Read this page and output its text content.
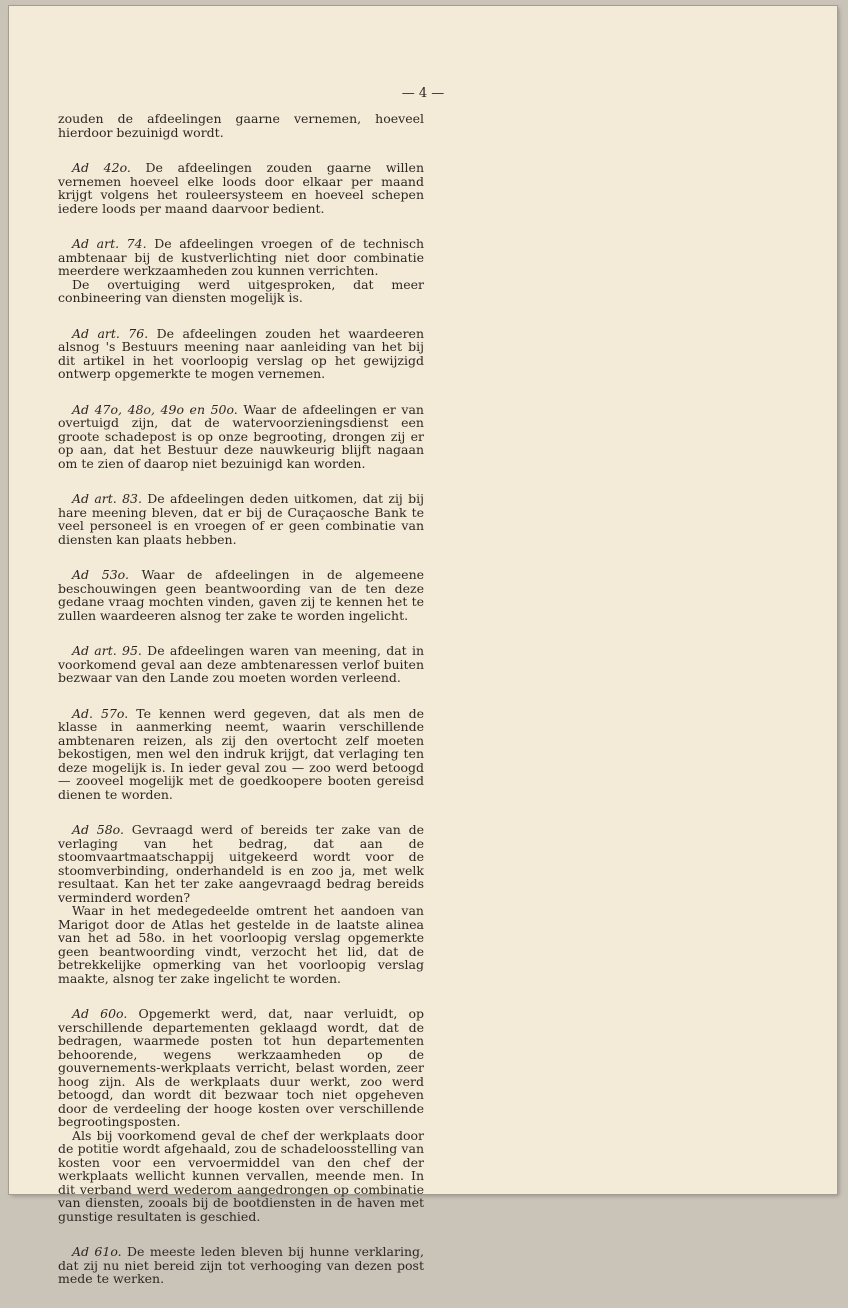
— 4 —

zouden de afdeelingen gaarne vernemen, hoeveel hierdoor bezuinigd wordt.

Ad 42o. De afdeelingen zouden gaarne willen vernemen hoeveel elke loods door elkaar per maand krijgt volgens het rouleersysteem en hoeveel schepen iedere loods per maand daarvoor bedient.

Ad art. 74. De afdeelingen vroegen of de technisch ambtenaar bij de kustverlichting niet door combinatie meerdere werkzaamheden zou kunnen verrichten.

De overtuiging werd uitgesproken, dat meer conbineering van diensten mogelijk is.

Ad art. 76. De afdeelingen zouden het waardeeren alsnog 's Bestuurs meening naar aanleiding van het bij dit artikel in het voorloopig verslag op het gewijzigd ontwerp opgemerkte te mogen vernemen.

Ad 47o, 48o, 49o en 50o. Waar de afdeelingen er van overtuigd zijn, dat de watervoorzieningsdienst een groote schadepost is op onze begrooting, drongen zij er op aan, dat het Bestuur deze nauwkeurig blijft nagaan om te zien of daarop niet bezuinigd kan worden.

Ad art. 83. De afdeelingen deden uitkomen, dat zij bij hare meening bleven, dat er bij de Curaçaosche Bank te veel personeel is en vroegen of er geen combinatie van diensten kan plaats hebben.

Ad 53o. Waar de afdeelingen in de algemeene beschouwingen geen beantwoording van de ten deze gedane vraag mochten vinden, gaven zij te kennen het te zullen waardeeren alsnog ter zake te worden ingelicht.

Ad art. 95. De afdeelingen waren van meening, dat in voorkomend geval aan deze ambtenaressen verlof buiten bezwaar van den Lande zou moeten worden verleend.

Ad. 57o. Te kennen werd gegeven, dat als men de klasse in aanmerking neemt, waarin verschillende ambtenaren reizen, als zij den overtocht zelf moeten bekostigen, men wel den indruk krijgt, dat verlaging ten deze mogelijk is. In ieder geval zou — zoo werd betoogd — zooveel mogelijk met de goedkoopere booten gereisd dienen te worden.

Ad 58o. Gevraagd werd of bereids ter zake van de verlaging van het bedrag, dat aan de stoomvaartmaatschappij uitgekeerd wordt voor de stoomverbinding, onderhandeld is en zoo ja, met welk resultaat. Kan het ter zake aangevraagd bedrag bereids verminderd worden?

Waar in het medegedeelde omtrent het aandoen van Marigot door de Atlas het gestelde in de laatste alinea van het ad 58o. in het voorloopig verslag opgemerkte geen beantwoording vindt, verzocht het lid, dat de betrekkelijke opmerking van het voorloopig verslag maakte, alsnog ter zake ingelicht te worden.

Ad 60o. Opgemerkt werd, dat, naar verluidt, op verschillende departementen geklaagd wordt, dat de bedragen, waarmede posten tot hun departementen behoorende, wegens werkzaamheden op de gouvernements-werkplaats verricht, belast worden, zeer hoog zijn. Als de werkplaats duur werkt, zoo werd betoogd, dan wordt dit bezwaar toch niet opgeheven door de verdeeling der hooge kosten over verschillende begrootingsposten.

Als bij voorkomend geval de chef der werkplaats door de potitie wordt afgehaald, zou de schadeloosstelling van kosten voor een vervoermiddel van den chef der werkplaats wellicht kunnen vervallen, meende men. In dit verband werd wederom aangedrongen op combinatie van diensten, zooals bij de bootdiensten in de haven met gunstige resultaten is geschied.

Ad 61o. De meeste leden bleven bij hunne verklaring, dat zij nu niet bereid zijn tot verhooging van dezen post mede te werken.
